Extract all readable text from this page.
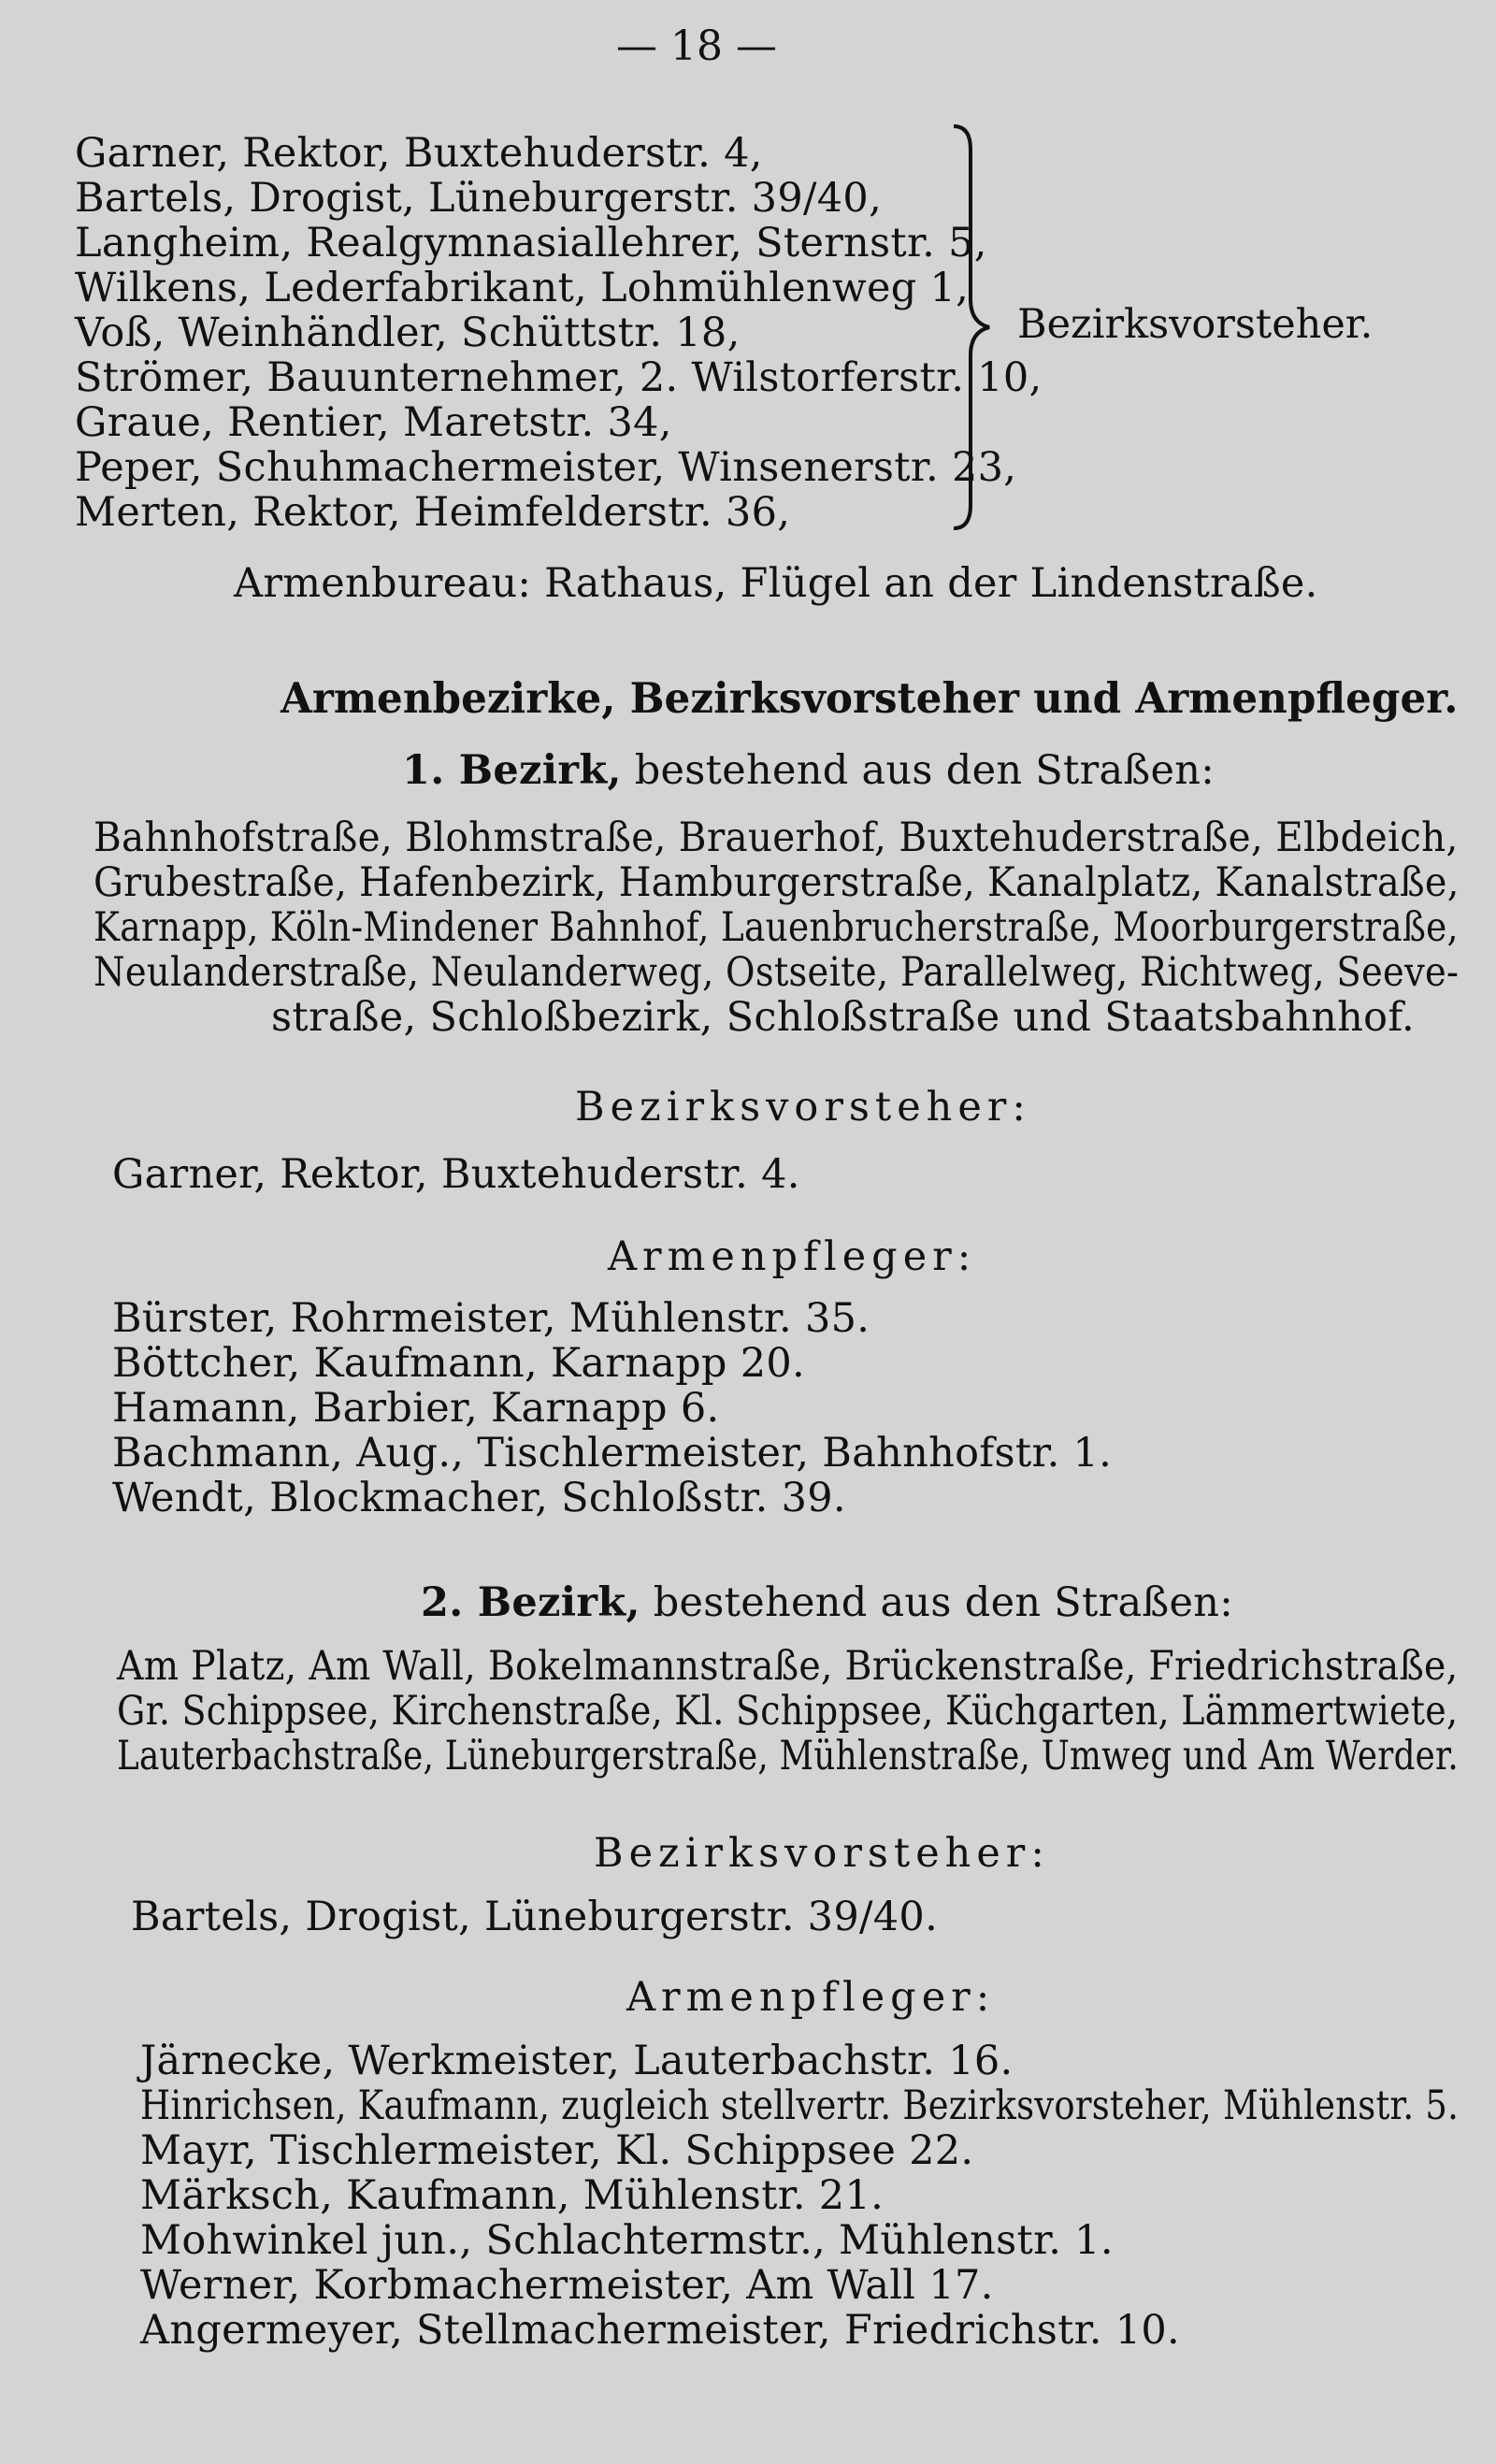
— 18 —
Garner, Rektor, Buxtehuderstr. 4,
Bartels, Drogist, Lüneburgerstr. 39/40,
Langheim, Realgymnasiallehrer, Sternstr. 5,
Wilkens, Lederfabrikant, Lohmühlenweg 1,
Voß, Weinhändler, Schüttstr. 18,
Strömer, Bauunternehmer, 2. Wilstorferstr. 10,
Graue, Rentier, Maretstr. 34,
Peper, Schuhmachermeister, Winsenerstr. 23,
Merten, Rektor, Heimfelderstr. 36,
Bezirksvorsteher.
Armenbureau: Rathaus, Flügel an der Lindenstraße.
Armenbezirke, Bezirksvorsteher und Armenpfleger.
1. Bezirk, bestehend aus den Straßen:
Bahnhofstraße, Blohmstraße, Brauerhof, Buxtehuderstraße, Elbdeich,
Grubestraße, Hafenbezirk, Hamburgerstraße, Kanalplatz, Kanalstraße,
Karnapp, Köln-Mindener Bahnhof, Lauenbrucherstraße, Moorburgerstraße,
Neulanderstraße, Neulanderweg, Ostseite, Parallelweg, Richtweg, Seeve-
straße, Schloßbezirk, Schloßstraße und Staatsbahnhof.
Bezirksvorsteher:
Garner, Rektor, Buxtehuderstr. 4.
Armenpfleger:
Bürster, Rohrmeister, Mühlenstr. 35.
Böttcher, Kaufmann, Karnapp 20.
Hamann, Barbier, Karnapp 6.
Bachmann, Aug., Tischlermeister, Bahnhofstr. 1.
Wendt, Blockmacher, Schloßstr. 39.
2. Bezirk, bestehend aus den Straßen:
Am Platz, Am Wall, Bokelmannstraße, Brückenstraße, Friedrichstraße,
Gr. Schippsee, Kirchenstraße, Kl. Schippsee, Küchgarten, Lämmertwiete,
Lauterbachstraße, Lüneburgerstraße, Mühlenstraße, Umweg und Am Werder.
Bezirksvorsteher:
Bartels, Drogist, Lüneburgerstr. 39/40.
Armenpfleger:
Järnecke, Werkmeister, Lauterbachstr. 16.
Hinrichsen, Kaufmann, zugleich stellvertr. Bezirksvorsteher, Mühlenstr. 5.
Mayr, Tischlermeister, Kl. Schippsee 22.
Märksch, Kaufmann, Mühlenstr. 21.
Mohwinkel jun., Schlachtermstr., Mühlenstr. 1.
Werner, Korbmachermeister, Am Wall 17.
Angermeyer, Stellmachermeister, Friedrichstr. 10.
